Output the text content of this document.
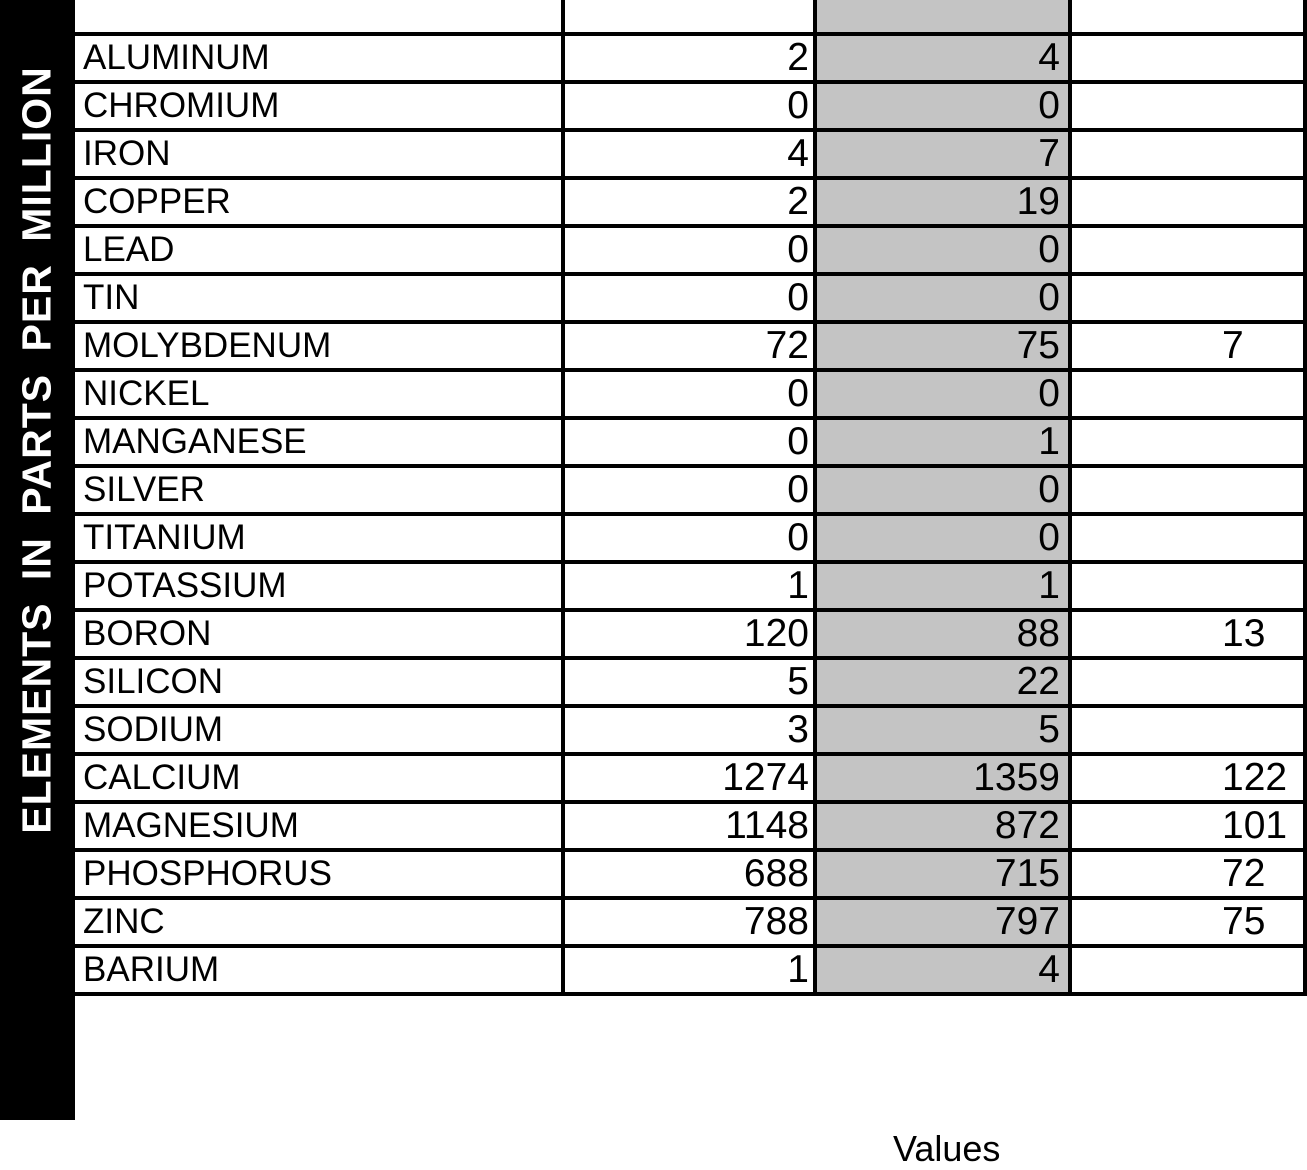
ELEMENTS IN PARTS PER MILLION

ALUMINUM	2	4	
CHROMIUM	0	0	
IRON	4	7	
COPPER	2	19	
LEAD	0	0	
TIN	0	0	
MOLYBDENUM	72	75	7
NICKEL	0	0	
MANGANESE	0	1	
SILVER	0	0	
TITANIUM	0	0	
POTASSIUM	1	1	
BORON	120	88	13
SILICON	5	22	
SODIUM	3	5	
CALCIUM	1274	1359	122
MAGNESIUM	1148	872	101
PHOSPHORUS	688	715	72
ZINC	788	797	75
BARIUM	1	4	
Values
